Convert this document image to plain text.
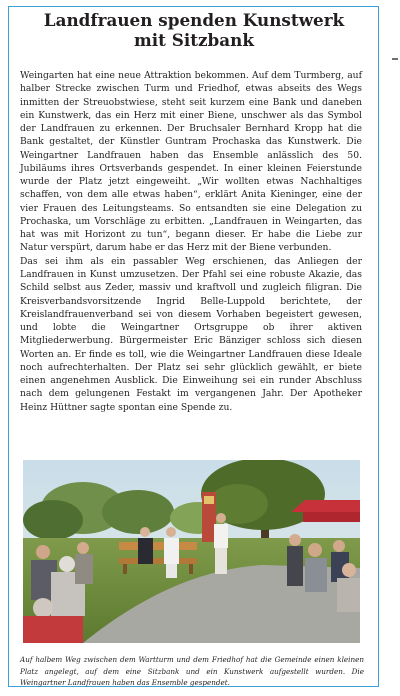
Landfrauen spenden Kunstwerk
mit Sitzbank

Weingarten hat eine neue Attraktion bekommen. Auf dem Turmberg, auf halber Strecke zwischen Turm und Friedhof, etwas abseits des Wegs inmitten der Streuobstwiese, steht seit kurzem eine Bank und daneben ein Kunstwerk, das ein Herz mit einer Biene, unschwer als das Symbol der Landfrauen zu erkennen. Der Bruchsaler Bernhard Kropp hat die Bank gestaltet, der Künstler Guntram Prochaska das Kunstwerk. Die Weingartner Landfrauen haben das Ensemble anlässlich des 50. Jubiläums ihres Ortsverbands gespendet. In einer kleinen Feierstunde wurde der Platz jetzt eingeweiht. „Wir wollten etwas Nachhaltiges schaffen, von dem alle etwas haben“, erklärt Anita Kieninger, eine der vier Frauen des Leitungsteams. So entsandten sie eine Delegation zu Prochaska, um Vorschläge zu erbitten. „Landfrauen in Weingarten, das hat was mit Horizont zu tun“, begann dieser. Er habe die Liebe zur Natur verspürt, darum habe er das Herz mit der Biene verbunden.

Das sei ihm als ein passabler Weg erschienen, das Anliegen der Landfrauen in Kunst umzusetzen. Der Pfahl sei eine robuste Akazie, das Schild selbst aus Zeder, massiv und kraftvoll und zugleich filigran. Die Kreisverbandsvorsitzende Ingrid Belle-Luppold berichtete, der Kreislandfrauenverband sei von diesem Vorhaben begeistert gewesen, und lobte die Weingartner Ortsgruppe ob ihrer aktiven Mitgliederwerbung. Bürgermeister Eric Bänziger schloss sich diesen Worten an. Er finde es toll, wie die Weingartner Landfrauen diese Ideale noch aufrechterhalten. Der Platz sei sehr glücklich gewählt, er biete einen angenehmen Ausblick. Die Einweihung sei ein runder Abschluss nach dem gelungenen Festakt im vergangenen Jahr. Der Apotheker Heinz Hüttner sagte spontan eine Spende zu.

Auf halbem Weg zwischen dem Wartturm und dem Friedhof hat die Gemeinde einen kleinen Platz angelegt, auf dem eine Sitzbank und ein Kunstwerk aufgestellt wurden. Die Weingartner Landfrauen haben das Ensemble gespendet.
